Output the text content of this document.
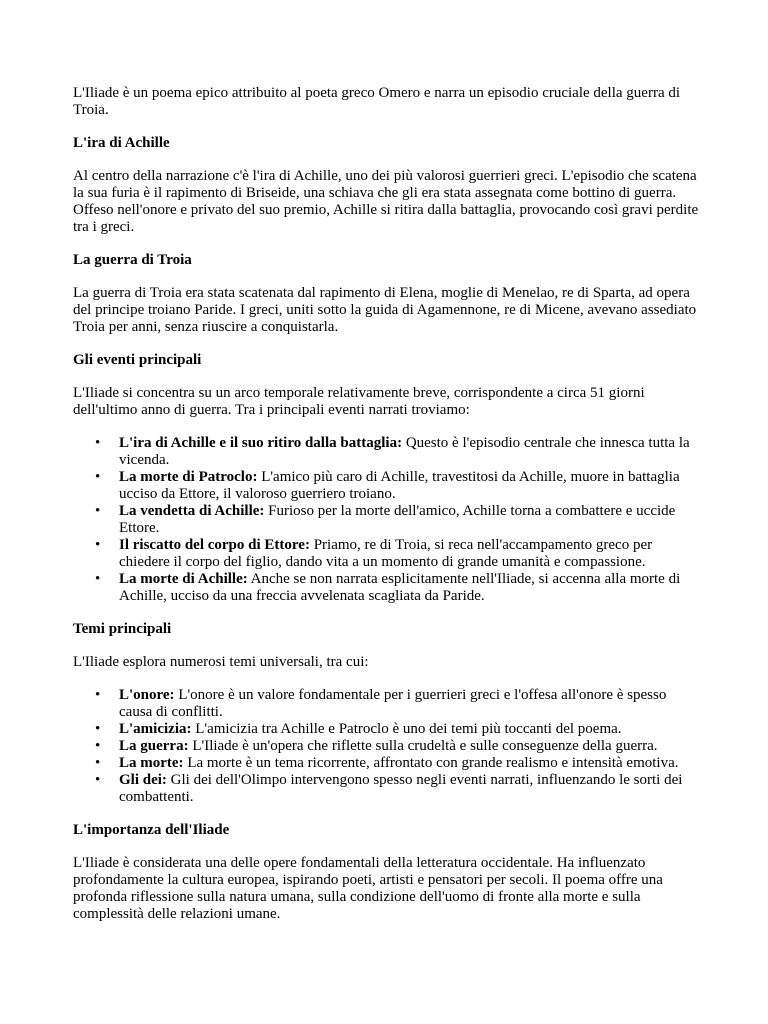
L'Iliade è un poema epico attribuito al poeta greco Omero e narra un episodio cruciale della guerra di Troia.

L'ira di Achille

Al centro della narrazione c'è l'ira di Achille, uno dei più valorosi guerrieri greci. L'episodio che scatena la sua furia è il rapimento di Briseide, una schiava che gli era stata assegnata come bottino di guerra. Offeso nell'onore e privato del suo premio, Achille si ritira dalla battaglia, provocando così gravi perdite tra i greci.

La guerra di Troia

La guerra di Troia era stata scatenata dal rapimento di Elena, moglie di Menelao, re di Sparta, ad opera del principe troiano Paride. I greci, uniti sotto la guida di Agamennone, re di Micene, avevano assediato Troia per anni, senza riuscire a conquistarla.

Gli eventi principali

L'Iliade si concentra su un arco temporale relativamente breve, corrispondente a circa 51 giorni dell'ultimo anno di guerra. Tra i principali eventi narrati troviamo:

• L'ira di Achille e il suo ritiro dalla battaglia: Questo è l'episodio centrale che innesca tutta la vicenda.
• La morte di Patroclo: L'amico più caro di Achille, travestitosi da Achille, muore in battaglia ucciso da Ettore, il valoroso guerriero troiano.
• La vendetta di Achille: Furioso per la morte dell'amico, Achille torna a combattere e uccide Ettore.
• Il riscatto del corpo di Ettore: Priamo, re di Troia, si reca nell'accampamento greco per chiedere il corpo del figlio, dando vita a un momento di grande umanità e compassione.
• La morte di Achille: Anche se non narrata esplicitamente nell'Iliade, si accenna alla morte di Achille, ucciso da una freccia avvelenata scagliata da Paride.
Temi principali

L'Iliade esplora numerosi temi universali, tra cui:

• L'onore: L'onore è un valore fondamentale per i guerrieri greci e l'offesa all'onore è spesso causa di conflitti.
• L'amicizia: L'amicizia tra Achille e Patroclo è uno dei temi più toccanti del poema.
• La guerra: L'Iliade è un'opera che riflette sulla crudeltà e sulle conseguenze della guerra.
• La morte: La morte è un tema ricorrente, affrontato con grande realismo e intensità emotiva.
• Gli dei: Gli dei dell'Olimpo intervengono spesso negli eventi narrati, influenzando le sorti dei combattenti.
L'importanza dell'Iliade

L'Iliade è considerata una delle opere fondamentali della letteratura occidentale. Ha influenzato profondamente la cultura europea, ispirando poeti, artisti e pensatori per secoli. Il poema offre una profonda riflessione sulla natura umana, sulla condizione dell'uomo di fronte alla morte e sulla complessità delle relazioni umane.
